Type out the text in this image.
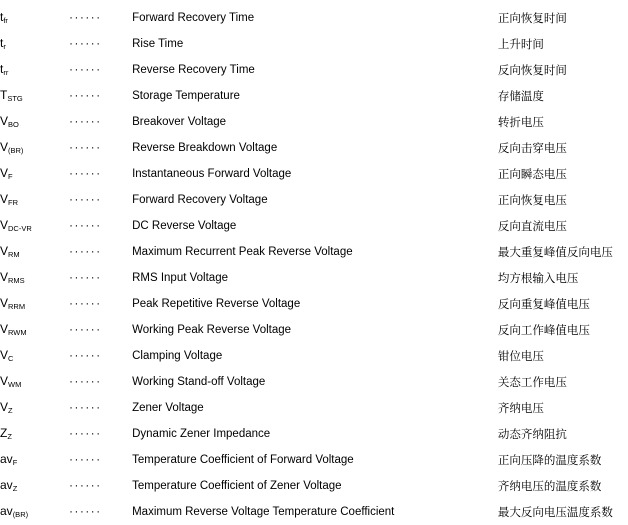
$t_{fr}$	······	Forward Recovery Time	正向恢复时间
$t_r$	······	Rise Time	上升时间
$t_{rr}$	······	Reverse Recovery Time	反向恢复时间
$T_{STG}$	······	Storage Temperature	存储温度
$V_{BO}$	······	Breakover Voltage	转折电压
$V_{(BR)}$	······	Reverse Breakdown Voltage	反向击穿电压
$V_F$	······	Instantaneous Forward Voltage	正向瞬态电压
$V_{FR}$	······	Forward Recovery Voltage	正向恢复电压
$V_{DC-VR}$	······	DC Reverse Voltage	反向直流电压
$V_{RM}$	······	Maximum Recurrent Peak Reverse Voltage	最大重复峰值反向电压
$V_{RMS}$	······	RMS Input Voltage	均方根输入电压
$V_{RRM}$	······	Peak Repetitive Reverse Voltage	反向重复峰值电压
$V_{RWM}$	······	Working Peak Reverse Voltage	反向工作峰值电压
$V_C$	······	Clamping Voltage	钳位电压
$V_{WM}$	······	Working Stand-off Voltage	关态工作电压
$V_Z$	······	Zener Voltage	齐纳电压
$Z_Z$	······	Dynamic Zener Impedance	动态齐纳阻抗
$av_F$	······	Temperature Coefficient of Forward Voltage	正向压降的温度系数
$av_Z$	······	Temperature Coefficient of Zener Voltage	齐纳电压的温度系数
$av_{(BR)}$	······	Maximum Reverse Voltage Temperature Coefficient	最大反向电压温度系数
